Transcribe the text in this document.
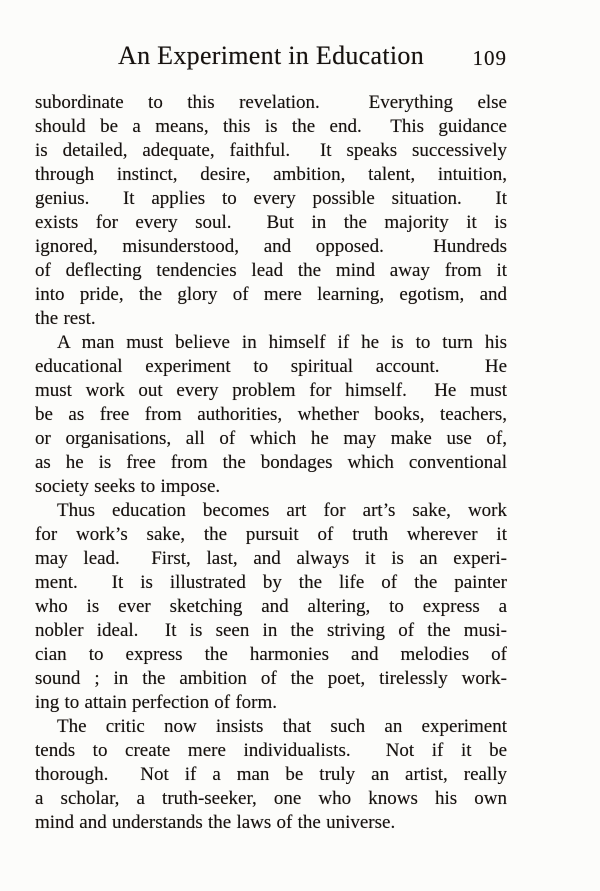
An Experiment in Education 109
subordinate to this revelation.  Everything else
should be a means, this is the end.  This guidance
is detailed, adequate, faithful.  It speaks successively
through instinct, desire, ambition, talent, intuition,
genius.  It applies to every possible situation.  It
exists for every soul.  But in the majority it is
ignored, misunderstood, and opposed.  Hundreds
of deflecting tendencies lead the mind away from it
into pride, the glory of mere learning, egotism, and
the rest.
A man must believe in himself if he is to turn his
educational experiment to spiritual account.  He
must work out every problem for himself.  He must
be as free from authorities, whether books, teachers,
or organisations, all of which he may make use of,
as he is free from the bondages which conventional
society seeks to impose.
Thus education becomes art for art’s sake, work
for work’s sake, the pursuit of truth wherever it
may lead.  First, last, and always it is an experi-
ment.  It is illustrated by the life of the painter
who is ever sketching and altering, to express a
nobler ideal.  It is seen in the striving of the musi-
cian to express the harmonies and melodies of
sound ; in the ambition of the poet, tirelessly work-
ing to attain perfection of form.
The critic now insists that such an experiment
tends to create mere individualists.  Not if it be
thorough.  Not if a man be truly an artist, really
a scholar, a truth-seeker, one who knows his own
mind and understands the laws of the universe.
